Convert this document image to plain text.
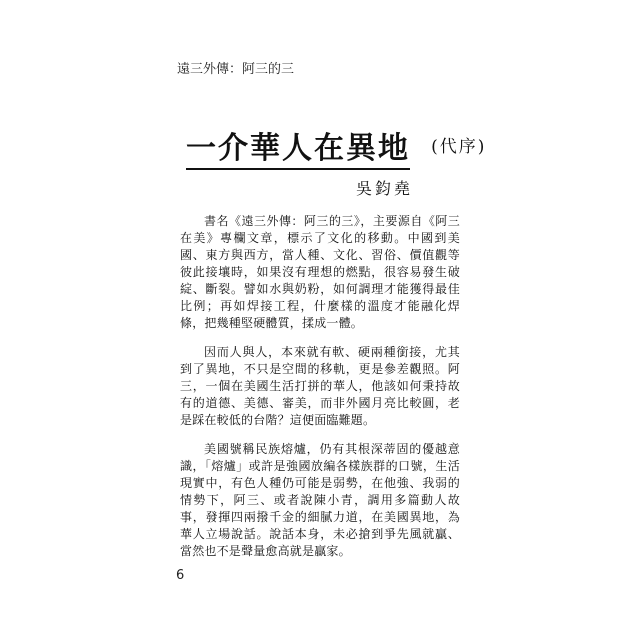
遠三外傳：阿三的三
一介華人在異地 (代序)
吳鈞堯

書名《遠三外傳：阿三的三》，主要源自《阿三在美》專欄文章，標示了文化的移動。中國到美國、東方與西方，當人種、文化、習俗、價值觀等彼此接壤時，如果沒有理想的燃點，很容易發生破綻、斷裂。譬如水與奶粉，如何調理才能獲得最佳比例；再如焊接工程，什麼樣的溫度才能融化焊條，把幾種堅硬體質，揉成一體。

因而人與人，本來就有軟、硬兩種銜接，尤其到了異地，不只是空間的移軌，更是參差觀照。阿三，一個在美國生活打拼的華人，他該如何秉持故有的道德、美德、審美，而非外國月亮比較圓，老是踩在較低的台階？這便面臨難題。

美國號稱民族熔爐，仍有其根深蒂固的優越意識，「熔爐」或許是強國放編各樣族群的口號，生活現實中，有色人種仍可能是弱勢，在他強、我弱的情勢下，阿三、或者說陳小青，調用多篇動人故事，發揮四兩撥千金的細膩力道，在美國異地，為華人立場說話。說話本身，未必搶到爭先風就贏、當然也不是聲量愈高就是贏家。

6
